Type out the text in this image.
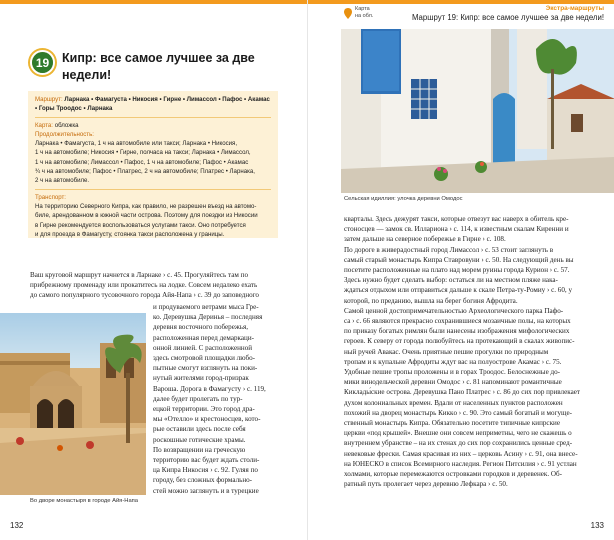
19	Кипр: все самое лучшее за две недели!
Маршрут: Ларнака • Фамагуста • Никосия • Гирне • Лимассол • Пафос • Акамас • Горы Троодос • Ларнака
Карта: обложка
Продолжительность:
Ларнака • Фамагуста, 1 ч на автомобиле или такси; Ларнака • Никосия,
1 ч на автомобиле; Никосия • Гирне, полчаса на такси; Ларнака • Лимассол,
1 ч на автомобиле; Лимассол • Пафос, 1 ч на автомобиле; Пафос • Акамас
¾ ч на автомобиле; Пафос • Платрес, 2 ч на автомобиле; Платрес • Ларнака,
2 ч на автомобиле.
Транспорт:
На территорию Северного Кипра, как правило, не разрешен въезд на автомо-
биле, арендованном в южной части острова. Поэтому для поездки из Никосии
в Гирне рекомендуется воспользоваться услугами такси. Оно потребуется
и для проезда в Фамагусту, стоянка такси расположена у границы.
Ваш круговой маршрут начнется в Ларнаке › с. 45. Прогуляйтесь там по
прибрежному променаду или прокатитесь на лодке. Совсем недалеко ехать
до самого популярного тусовочного города Айя-Напа › с. 39 до заповедного
Во дворе монастыря в городе Айя-Напа
и продуваемого ветрами мыса Гре-
ко. Деревушка Деринья – последняя
деревня восточного побережья,
расположенная перед демаркаци-
онной линией. С расположенной
здесь смотровой площадки любо-
пытные смогут взглянуть на поки-
нутый жителями город-призрак
Варошa. Дорога в Фамагусту › с. 119,
далее будет пролегать по тур-
ецкой территории. Это город дра-
мы «Отелло» и крестоносцев, кото-
рые оставили здесь после себя
роскошные готические храмы.
По возвращении на греческую
территорию вас будет ждать столи-
ца Кипра Никосия › с. 92. Гуляя по
городу, без сложных формально-
стей можно заглянуть и в турецкие
132
Карта
на обл.
Экстра-маршруты
Маршрут 19: Кипр: все самое лучшее за две недели!
Сельская идиллия: улочка деревни Омодос
кварталы. Здесь дежурят такси, которые отвезут вас наверх в обитель кре-
стоносцев — замок св. Иллариона › с. 114, к известным скалам Киренни и
затем дальше на северное побережье в Гирне › с. 108.
По дороге в живерадостный город Лимассол › с. 53 стоит заглянуть в
самый старый монастырь Кипра Ставровуни › с. 50. На следующий день вы
посетите расположенные на плато над морем руины города Курион › с. 57.
Здесь нужно будет сделать выбор: остаться ли на местном пляже нака-
ждаться отдыхом или отправиться дальше к скале Петра-ту-Ромиу › с. 60, у
которой, по преданию, вышла на берег богиня Афродита.
Самой ценной достопримечательностью Археологического парка Пафо-
са › с. 66 являются прекрасно сохранившиеся мозаичные полы, на которых
по приказу богатых римлян были нанесены изображения мифологических
героев. К северу от города полюбуйтесь на протекающий в скалах живопис-
ный ручей Авакас. Очень приятные пешие прогулки по природным
тропам и к купальне Афродиты ждут вас на полуострове Акамас › с. 75.
Удобные пешие тропы проложены и в горах Троодос. Белоснежные до-
мики винодельческой деревни Омодос › с. 81 напоминают романтичные
Киклады́ские острова. Деревушка Пано Платрес › с. 86 до сих пор привлекает
духом колониальных времен. Вдали от населенных пунктов расположен
похожий на дворец монастырь Киккo › с. 90. Это самый богатый и могуще-
ственный монастырь Кипра. Обязательно посетите типичные кипрские
церкви «под крышей». Внешне они совсем неприметны, чего не скажешь о
внутреннем убранстве – на их стенах до сих пор сохранились ценные сред-
невековые фрески. Самая красивая из них – церковь Асину › с. 91, она внесе-
на ЮНЕСКО в список Всемирного наследия. Регион Питсилия › с. 91 устлан
холмами, которые перемежаются островками городков и деревенек. Об-
ратный путь пролегает через деревню Лефкара › с. 50.
133
